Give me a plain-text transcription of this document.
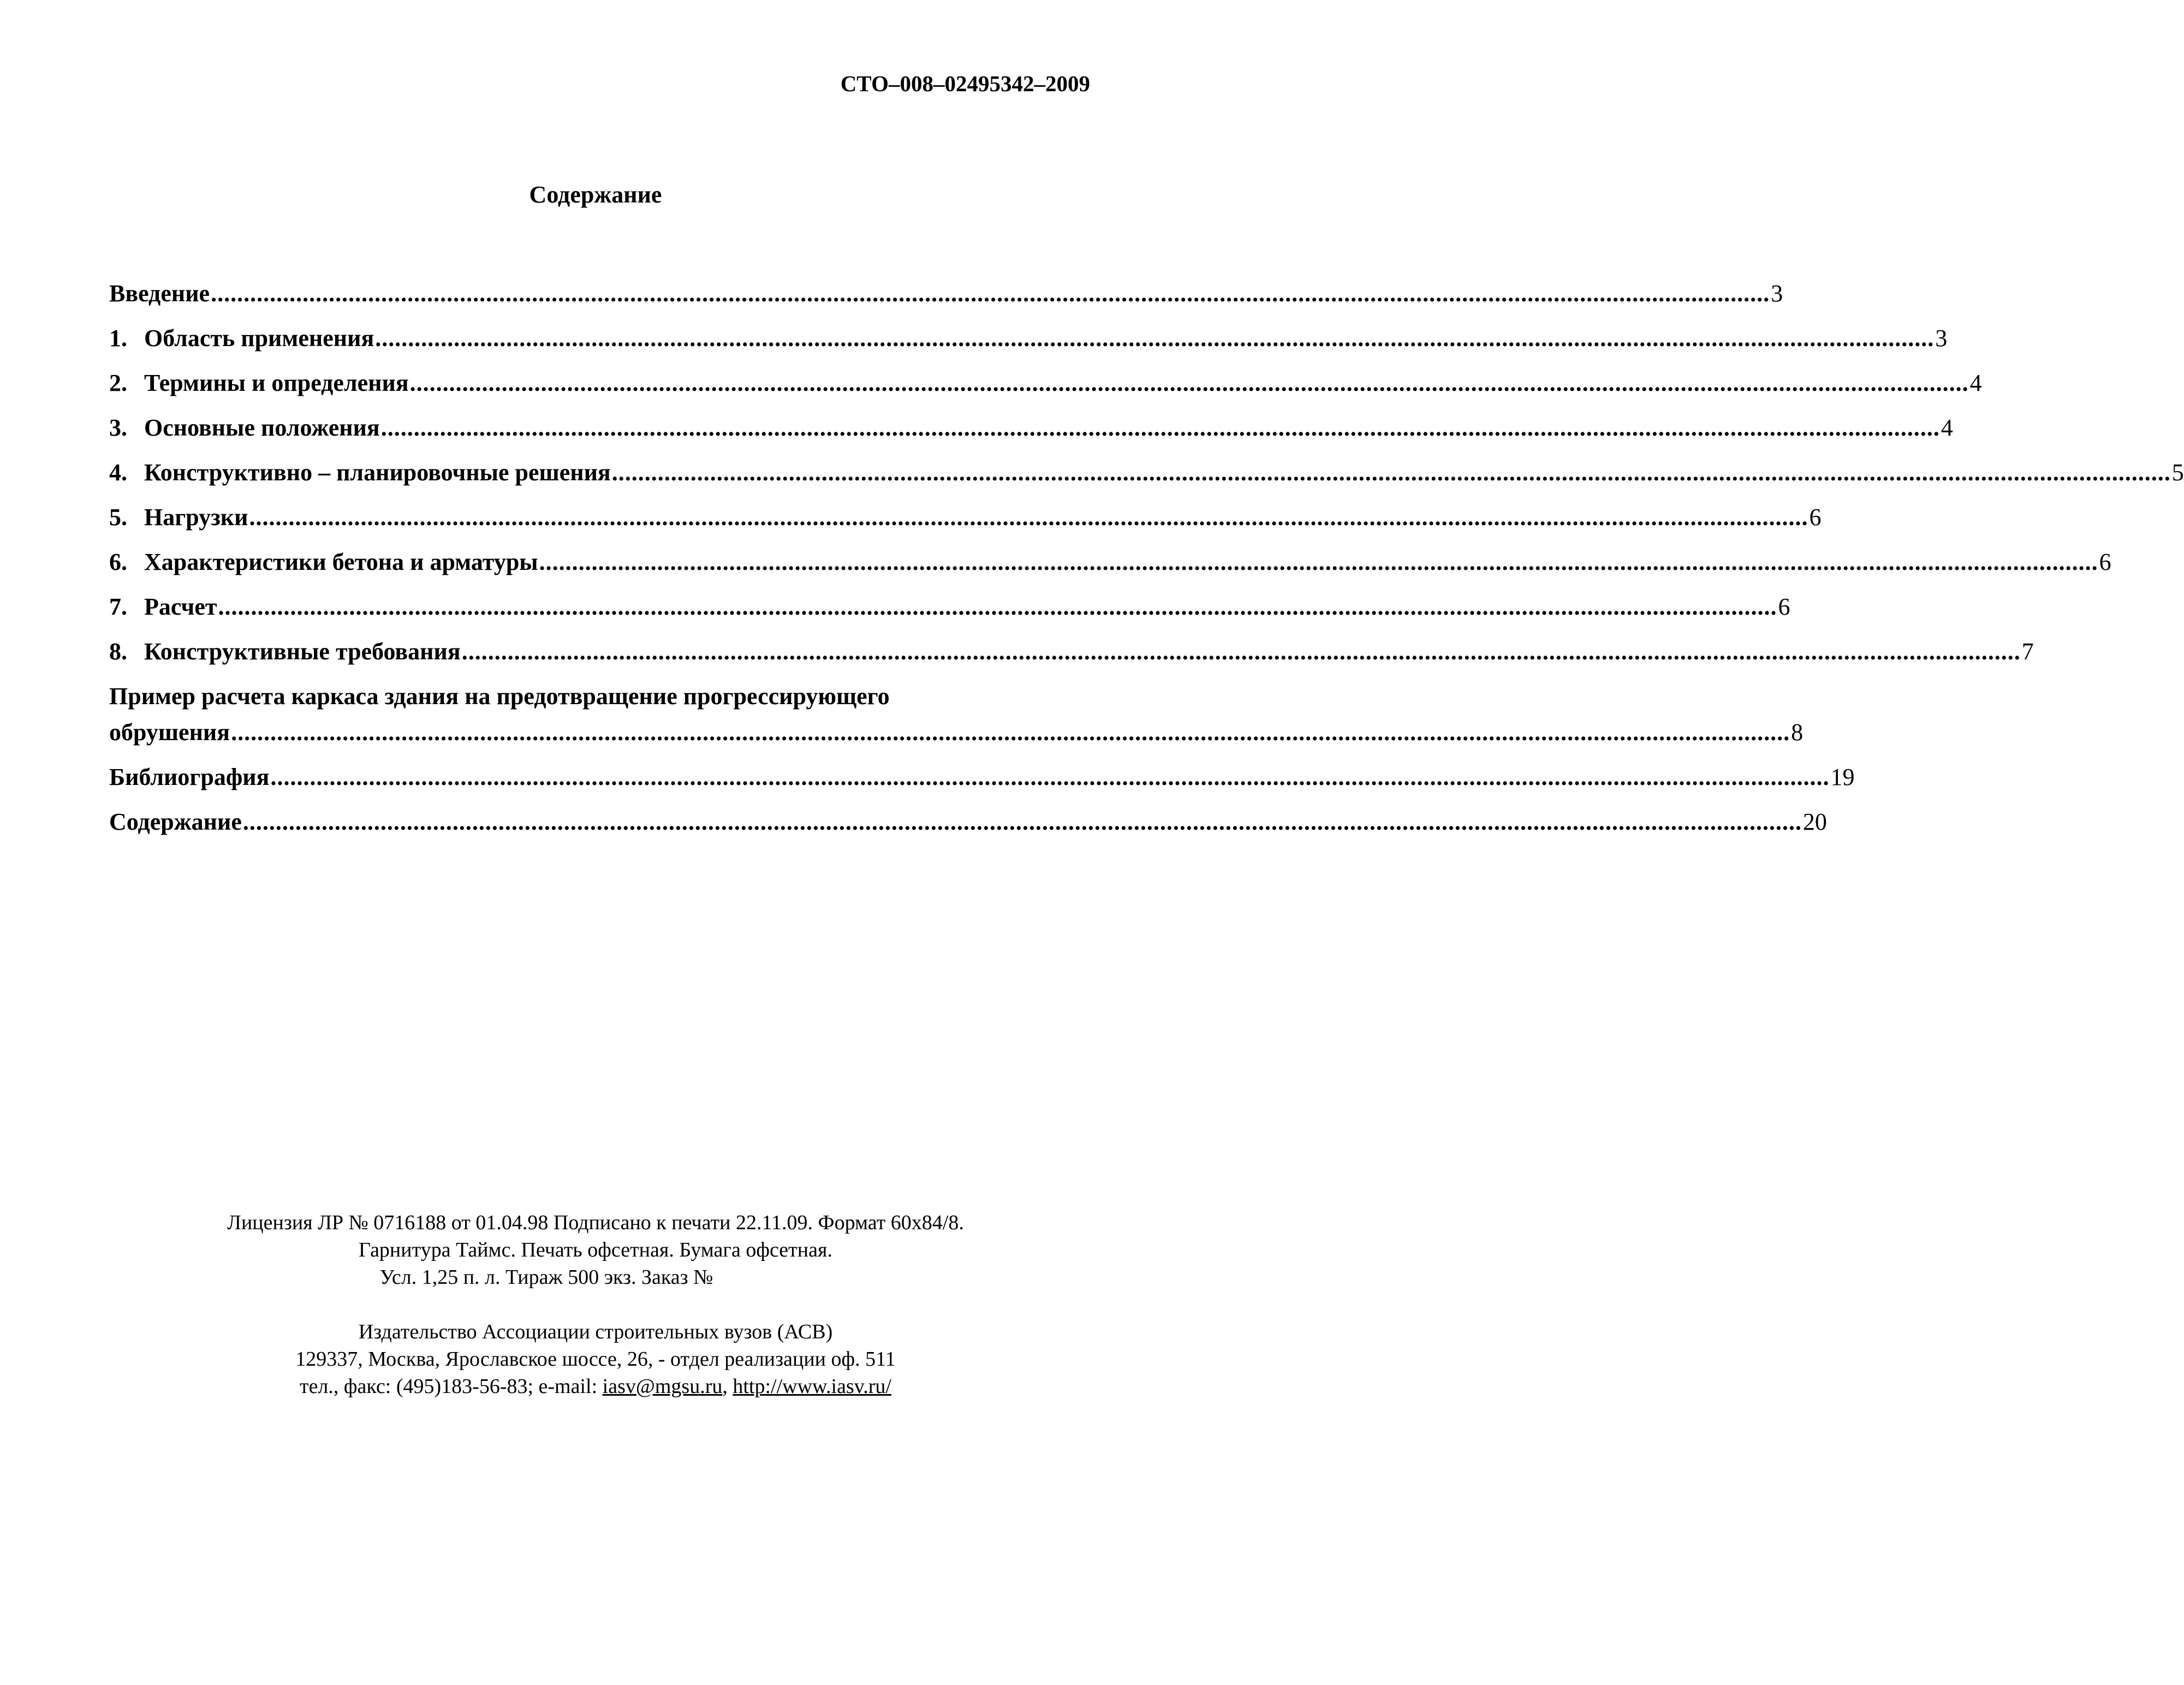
СТО–008–02495342–2009
Содержание
Введение .............................................................................................................................................................................................................................................. 3
1. Область применения .............................................................................................................................................................................................................................................. 3
2. Термины и определения .............................................................................................................................................................................................................................................. 4
3. Основные положения .............................................................................................................................................................................................................................................. 4
4. Конструктивно – планировочные решения .............................................................................................................................................................................................................................................. 5
5. Нагрузки .............................................................................................................................................................................................................................................. 6
6. Характеристики бетона и арматуры .............................................................................................................................................................................................................................................. 6
7. Расчет .............................................................................................................................................................................................................................................. 6
8. Конструктивные требования .............................................................................................................................................................................................................................................. 7
Пример расчета каркаса здания на предотвращение прогрессирующего
обрушения .............................................................................................................................................................................................................................................. 8
Библиография .............................................................................................................................................................................................................................................. 19
Содержание .............................................................................................................................................................................................................................................. 20
Лицензия ЛР № 0716188 от 01.04.98 Подписано к печати 22.11.09. Формат 60х84/8.
Гарнитура Таймс. Печать офсетная. Бумага офсетная.
Усл. 1,25 п. л. Тираж 500 экз. Заказ №
Издательство Ассоциации строительных вузов (АСВ)
129337, Москва, Ярославское шоссе, 26, - отдел реализации оф. 511
тел., факс: (495)183-56-83; e-mail: iasv@mgsu.ru, http://www.iasv.ru/
